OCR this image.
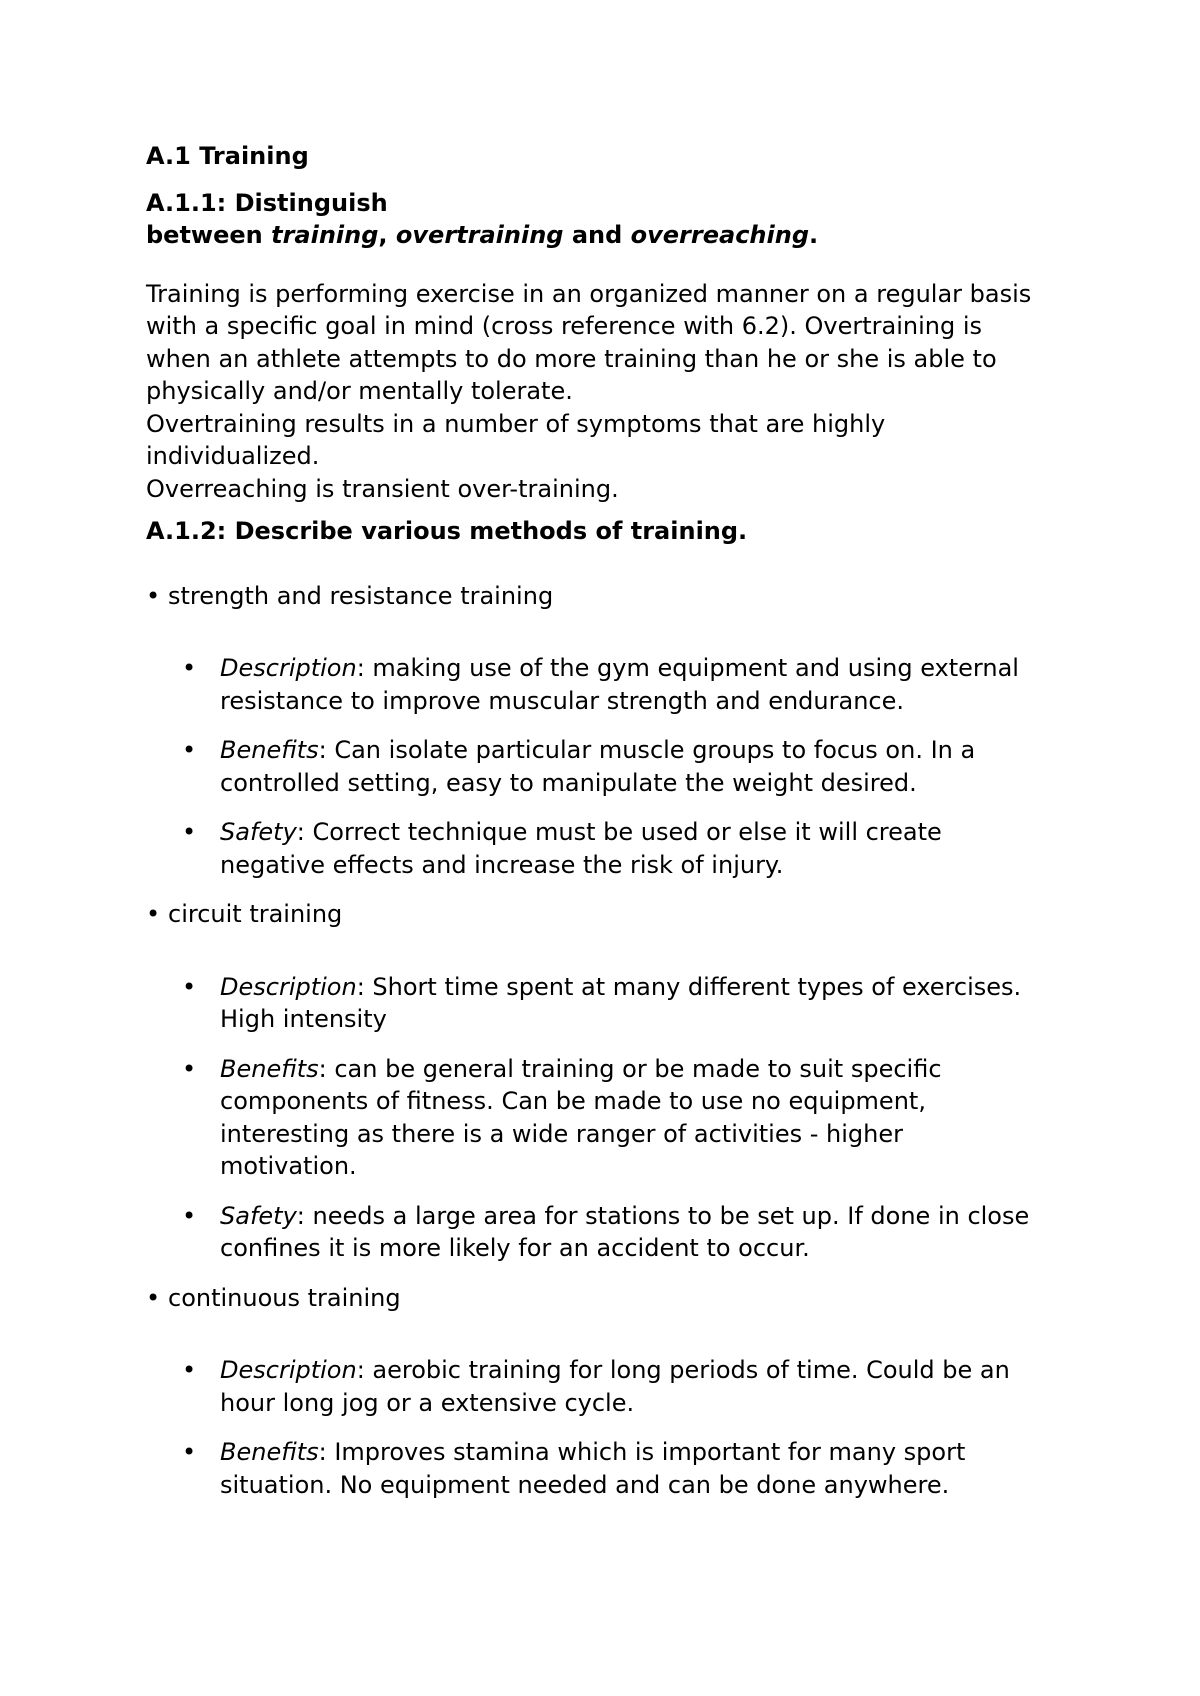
A.1 Training
A.1.1: Distinguish
between training, overtraining and overreaching.

Training is performing exercise in an organized manner on a regular basis

with a specific goal in mind (cross reference with 6.2). Overtraining is

when an athlete attempts to do more training than he or she is able to

physically and/or mentally tolerate.

Overtraining results in a number of symptoms that are highly

individualized.

Overreaching is transient over-training.

A.1.2: Describe various methods of training.
• strength and resistance training
• Description: making use of the gym equipment and using external
resistance to improve muscular strength and endurance.
• Benefits: Can isolate particular muscle groups to focus on. In a
controlled setting, easy to manipulate the weight desired.
• Safety: Correct technique must be used or else it will create
negative effects and increase the risk of injury.
• circuit training
• Description: Short time spent at many different types of exercises.
High intensity
• Benefits: can be general training or be made to suit specific
components of fitness. Can be made to use no equipment,
interesting as there is a wide ranger of activities - higher
motivation.
• Safety: needs a large area for stations to be set up. If done in close
confines it is more likely for an accident to occur.
• continuous training
• Description: aerobic training for long periods of time. Could be an
hour long jog or a extensive cycle.
• Benefits: Improves stamina which is important for many sport
situation. No equipment needed and can be done anywhere.
